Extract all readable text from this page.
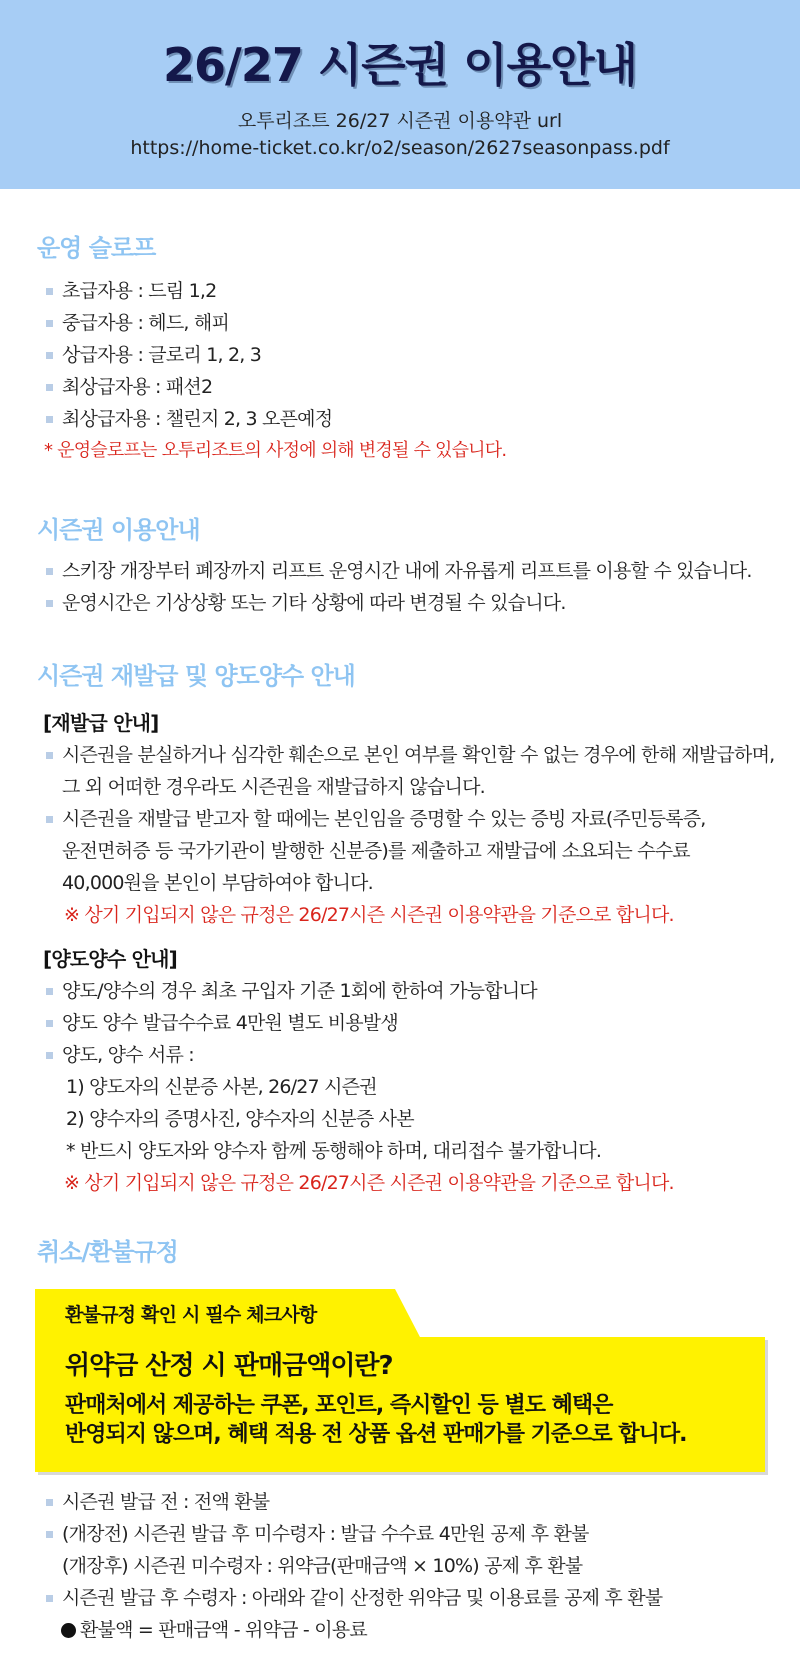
26/27 시즌권 이용안내
오투리조트 26/27 시즌권 이용약관 url
https://home-ticket.co.kr/o2/season/2627seasonpass.pdf
운영 슬로프
초급자용 : 드림 1,2
중급자용 : 헤드, 해피
상급자용 : 글로리 1, 2, 3
최상급자용 : 패션2
최상급자용 : 챌린지 2, 3 오픈예정
* 운영슬로프는 오투리조트의 사정에 의해 변경될 수 있습니다.
시즌권 이용안내
스키장 개장부터 폐장까지 리프트 운영시간 내에 자유롭게 리프트를 이용할 수 있습니다.
운영시간은 기상상황 또는 기타 상황에 따라 변경될 수 있습니다.
시즌권 재발급 및 양도양수 안내
[재발급 안내]
시즌권을 분실하거나 심각한 훼손으로 본인 여부를 확인할 수 없는 경우에 한해 재발급하며,
그 외 어떠한 경우라도 시즌권을 재발급하지 않습니다.
시즌권을 재발급 받고자 할 때에는 본인임을 증명할 수 있는 증빙 자료(주민등록증,
운전면허증 등 국가기관이 발행한 신분증)를 제출하고 재발급에 소요되는 수수료
40,000원을 본인이 부담하여야 합니다.
※ 상기 기입되지 않은 규정은 26/27시즌 시즌권 이용약관을 기준으로 합니다.
[양도양수 안내]
양도/양수의 경우 최초 구입자 기준 1회에 한하여 가능합니다
양도 양수 발급수수료 4만원 별도 비용발생
양도, 양수 서류 :
1) 양도자의 신분증 사본, 26/27 시즌권
2) 양수자의 증명사진, 양수자의 신분증 사본
* 반드시 양도자와 양수자 함께 동행해야 하며, 대리접수 불가합니다.
※ 상기 기입되지 않은 규정은 26/27시즌 시즌권 이용약관을 기준으로 합니다.
취소/환불규정
환불규정 확인 시 필수 체크사항
위약금 산정 시 판매금액이란?
판매처에서 제공하는 쿠폰, 포인트, 즉시할인 등 별도 혜택은
반영되지 않으며, 혜택 적용 전 상품 옵션 판매가를 기준으로 합니다.
시즌권 발급 전 : 전액 환불
(개장전) 시즌권 발급 후 미수령자 : 발급 수수료 4만원 공제 후 환불
(개장후) 시즌권 미수령자 : 위약금(판매금액 × 10%) 공제 후 환불
시즌권 발급 후 수령자 : 아래와 같이 산정한 위약금 및 이용료를 공제 후 환불
환불액 = 판매금액 - 위약금 - 이용료
